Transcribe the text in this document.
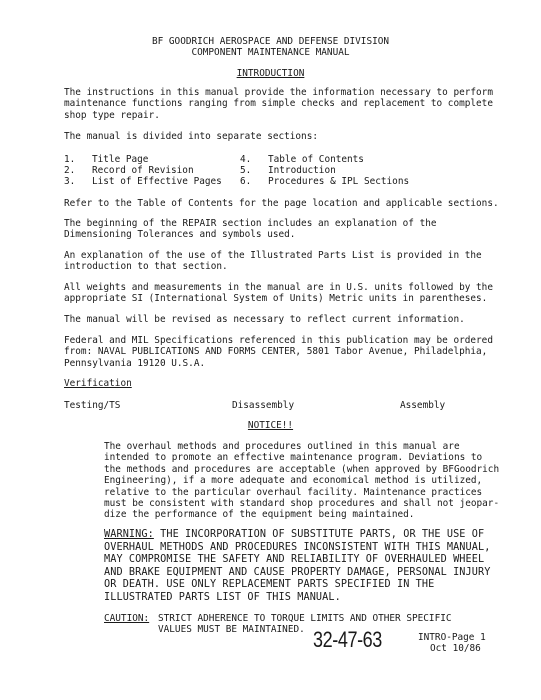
BF GOODRICH AEROSPACE AND DEFENSE DIVISION
COMPONENT MAINTENANCE MANUAL
INTRODUCTION
The instructions in this manual provide the information necessary to perform
maintenance functions ranging from simple checks and replacement to complete
shop type repair.
The manual is divided into separate sections:
1. Title Page
2. Record of Revision
3. List of Effective Pages
4. Table of Contents
5. Introduction
6. Procedures & IPL Sections
Refer to the Table of Contents for the page location and applicable sections.
The beginning of the REPAIR section includes an explanation of the
Dimensioning Tolerances and symbols used.
An explanation of the use of the Illustrated Parts List is provided in the
introduction to that section.
All weights and measurements in the manual are in U.S. units followed by the
appropriate SI (International System of Units) Metric units in parentheses.
The manual will be revised as necessary to reflect current information.
Federal and MIL Specifications referenced in this publication may be ordered
from: NAVAL PUBLICATIONS AND FORMS CENTER, 5801 Tabor Avenue, Philadelphia,
Pennsylvania 19120 U.S.A.
Verification
Testing/TS	Disassembly	Assembly
NOTICE!!
The overhaul methods and procedures outlined in this manual are
intended to promote an effective maintenance program. Deviations to
the methods and procedures are acceptable (when approved by BFGoodrich
Engineering), if a more adequate and economical method is utilized,
relative to the particular overhaul facility. Maintenance practices
must be consistent with standard shop procedures and shall not jeopar-
dize the performance of the equipment being maintained.
WARNING: THE INCORPORATION OF SUBSTITUTE PARTS, OR THE USE OF
OVERHAUL METHODS AND PROCEDURES INCONSISTENT WITH THIS MANUAL,
MAY COMPROMISE THE SAFETY AND RELIABILITY OF OVERHAULED WHEEL
AND BRAKE EQUIPMENT AND CAUSE PROPERTY DAMAGE, PERSONAL INJURY
OR DEATH. USE ONLY REPLACEMENT PARTS SPECIFIED IN THE
ILLUSTRATED PARTS LIST OF THIS MANUAL.
CAUTION: STRICT ADHERENCE TO TORQUE LIMITS AND OTHER SPECIFIC
VALUES MUST BE MAINTAINED. 32-47-63	INTRO-Page 1
Oct 10/86
